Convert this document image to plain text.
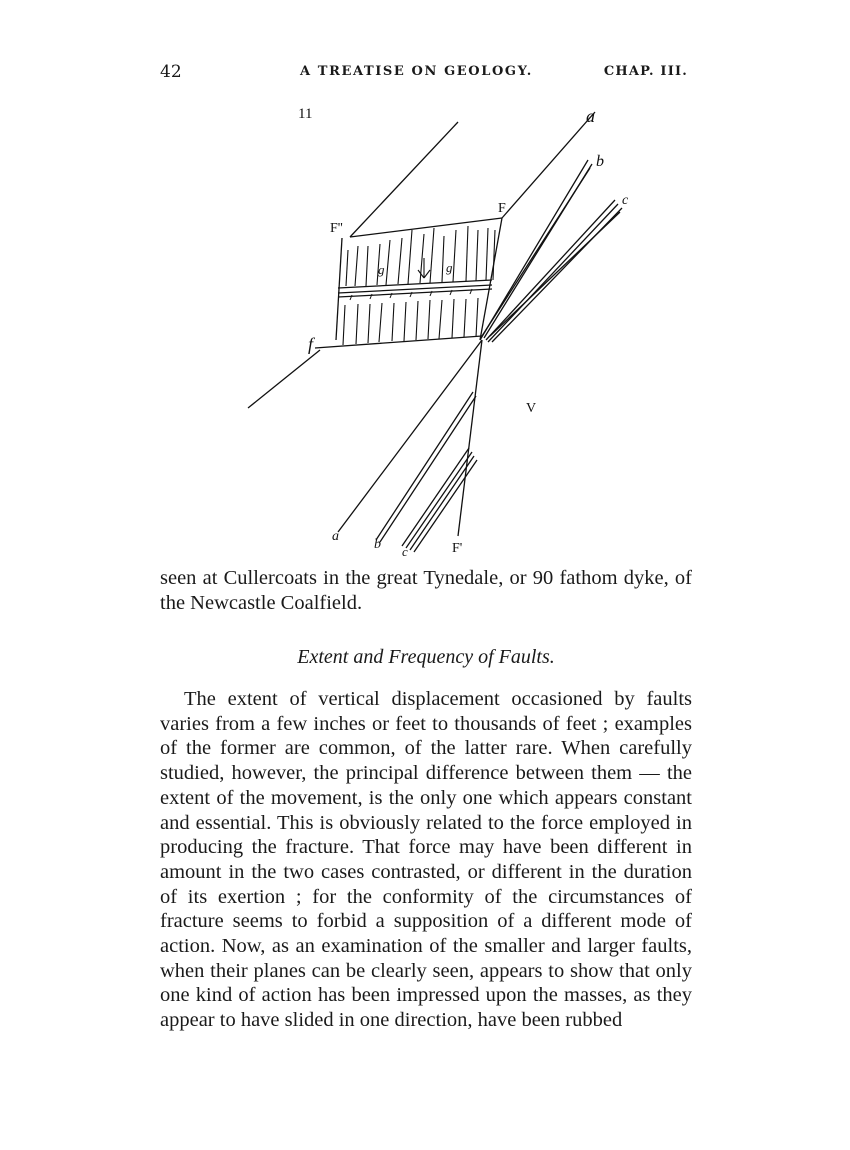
42	A TREATISE ON GEOLOGY.	CHAP. III.
11	a
b
c
F
F''
g	g
f
V
a
b c	F'

seen at Cullercoats in the great Tynedale, or 90 fathom dyke, of the Newcastle Coalfield.

Extent and Frequency of Faults.

The extent of vertical displacement occasioned by faults varies from a few inches or feet to thousands of feet ; examples of the former are common, of the latter rare. When carefully studied, however, the principal difference between them — the extent of the movement, is the only one which appears constant and essential. This is obviously related to the force employed in producing the fracture. That force may have been different in amount in the two cases contrasted, or different in the duration of its exertion ; for the conformity of the circumstances of fracture seems to forbid a supposition of a different mode of action. Now, as an examination of the smaller and larger faults, when their planes can be clearly seen, appears to show that only one kind of action has been impressed upon the masses, as they appear to have slided in one direction, have been rubbed
